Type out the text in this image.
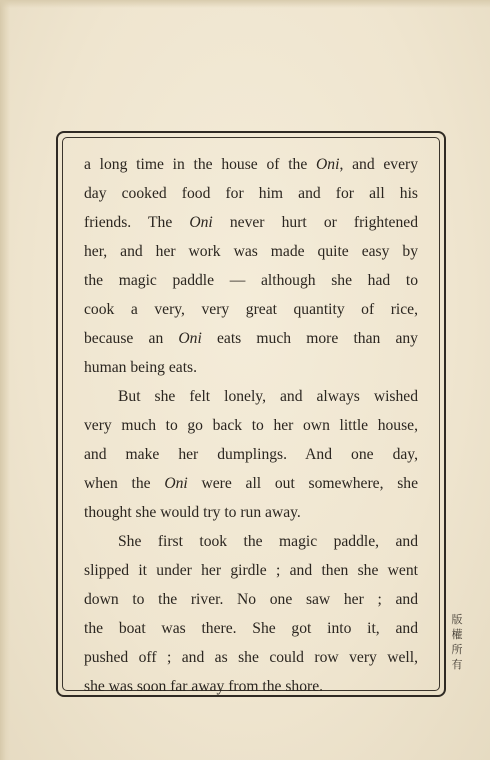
a long time in the house of the Oni, and every
day cooked food for him and for all his
friends. The Oni never hurt or frightened
her, and her work was made quite easy by
the magic paddle — although she had to
cook a very, very great quantity of rice,
because an Oni eats much more than any
human being eats.

But she felt lonely, and always wished
very much to go back to her own little house,
and make her dumplings. And one day,
when the Oni were all out somewhere, she
thought she would try to run away.

She first took the magic paddle, and
slipped it under her girdle ; and then she went
down to the river. No one saw her ; and
the boat was there. She got into it, and
pushed off ; and as she could row very well,
she was soon far away from the shore.

版
權
所
有
